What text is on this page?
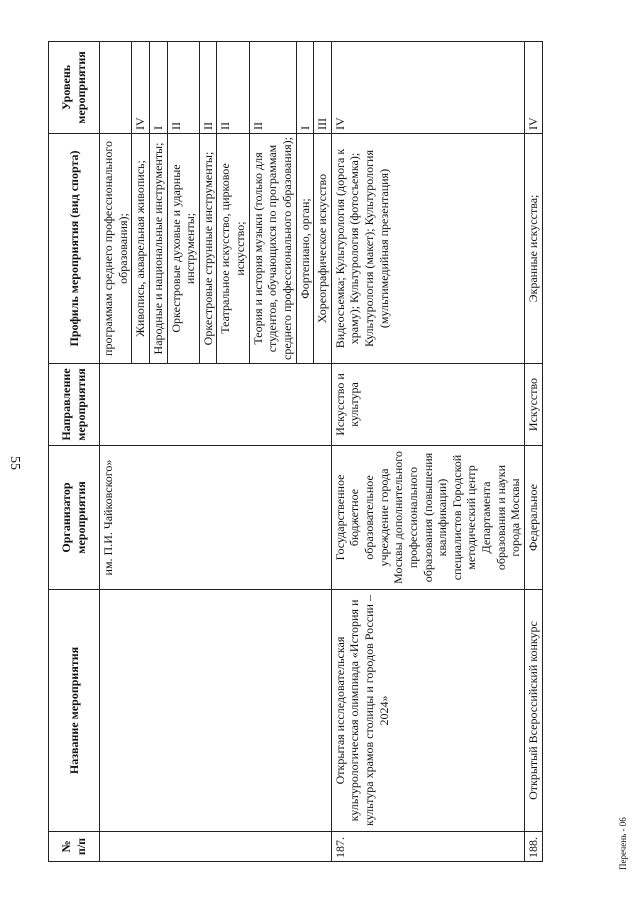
55
Перечень - 06
№ п/п	Название мероприятия	Организатор мероприятия	Направление мероприятия	Профиль мероприятия (вид спорта)	Уровень мероприятия
		им. П.И. Чайковского»		программам среднего профессионального образования);	
				Живопись, акварельная живопись;	IV
				Народные и национальные инструменты;	I
				Оркестровые духовые и ударные инструменты;	II
				Оркестровые струнные инструменты;	II
				Театральное искусство, цирковое искусство;	II
				Теория и история музыки (только для студентов, обучающихся по программам среднего профессионального образования);	II
				Фортепиано, орган;	I
				Хореографическое искусство	III
187.	Открытая исследовательская культурологическая олимпиада «История и культура храмов столицы и городов России – 2024»	Государственное бюджетное образовательное учреждение города Москвы дополнительного профессионального образования (повышения квалификации) специалистов Городской методический центр Департамента образования и науки города Москвы	Искусство и культура	Видеосъемка; Культурология (дорога к храму); Культурология (фотосъемка); Культурология (макет); Культурология (мультимедийная презентация)	IV
188.	Открытый Всероссийский конкурс	Федеральное	Искусство	Экранные искусства;	IV
